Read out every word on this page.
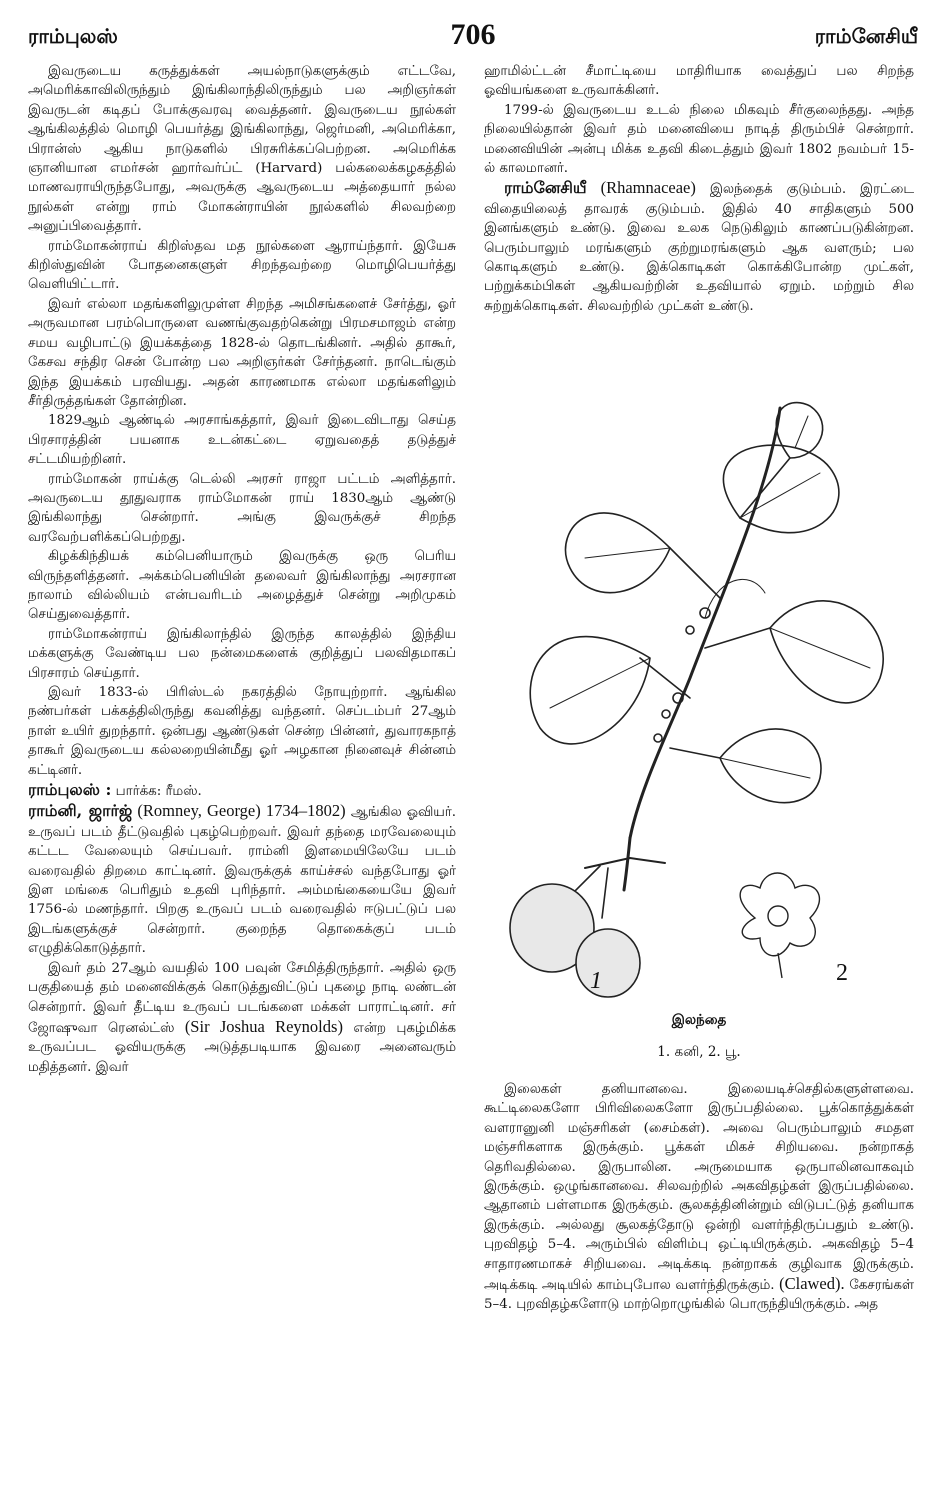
ராம்புலஸ்	706	ராம்னேசியீ

இவருடைய கருத்துக்கள் அயல்நாடுகளுக்கும் எட்டவே, அமெரிக்காவிலிருந்தும் இங்கிலாந்திலிருந்தும் பல அறிஞர்கள் இவருடன் கடிதப் போக்குவரவு வைத்தனர். இவருடைய நூல்கள் ஆங்கிலத்தில் மொழி பெயர்த்து இங்கிலாந்து, ஜெர்மனி, அமெரிக்கா, பிரான்ஸ் ஆகிய நாடுகளில் பிரசுரிக்கப்பெற்றன. அமெரிக்க ஞானியான எமர்சன் ஹார்வர்ப்ட் (Harvard) பல்கலைக்கழகத்தில் மாணவராயிருந்தபோது, அவருக்கு ஆவருடைய அத்தையார் நல்ல நூல்கள் என்று ராம் மோகன்ராயின் நூல்களில் சிலவற்றை அனுப்பிவைத்தார்.

ராம்மோகன்ராய் கிறிஸ்தவ மத நூல்களை ஆராய்ந்தார். இயேசு கிறிஸ்துவின் போதனைகளுள் சிறந்தவற்றை மொழிபெயர்த்து வெளியிட்டார்.

இவர் எல்லா மதங்களிலுமுள்ள சிறந்த அமிசங்களைச் சேர்த்து, ஓர் அருவமான பரம்பொருளை வணங்குவதற்கென்று பிரமசமாஜம் என்ற சமய வழிபாட்டு இயக்கத்தை 1828-ல் தொடங்கினர். அதில் தாகூர், கேசவ சந்திர சென் போன்ற பல அறிஞர்கள் சேர்ந்தனர். நாடெங்கும் இந்த இயக்கம் பரவியது. அதன் காரணமாக எல்லா மதங்களிலும் சீர்திருத்தங்கள் தோன்றின.

1829ஆம் ஆண்டில் அரசாங்கத்தார், இவர் இடைவிடாது செய்த பிரசாரத்தின் பயனாக உடன்கட்டை ஏறுவதைத் தடுத்துச் சட்டமியற்றினர்.

ராம்மோகன் ராய்க்கு டெல்லி அரசர் ராஜா பட்டம் அளித்தார். அவருடைய தூதுவராக ராம்மோகன் ராய் 1830ஆம் ஆண்டு இங்கிலாந்து சென்றார். அங்கு இவருக்குச் சிறந்த வரவேற்பளிக்கப்பெற்றது.

கிழக்கிந்தியக் கம்பெனியாரும் இவருக்கு ஒரு பெரிய விருந்தளித்தனர். அக்கம்பெனியின் தலைவர் இங்கிலாந்து அரசரான நாலாம் வில்லியம் என்பவரிடம் அழைத்துச் சென்று அறிமுகம் செய்துவைத்தார்.

ராம்மோகன்ராய் இங்கிலாந்தில் இருந்த காலத்தில் இந்திய மக்களுக்கு வேண்டிய பல நன்மைகளைக் குறித்துப் பலவிதமாகப் பிரசாரம் செய்தார்.

இவர் 1833-ல் பிரிஸ்டல் நகரத்தில் நோயுற்றார். ஆங்கில நண்பர்கள் பக்கத்திலிருந்து கவனித்து வந்தனர். செப்டம்பர் 27ஆம் நாள் உயிர் துறந்தார். ஒன்பது ஆண்டுகள் சென்ற பின்னர், துவாரகநாத் தாகூர் இவருடைய கல்லறையின்மீது ஓர் அழகான நினைவுச் சின்னம் கட்டினர்.

ராம்புலஸ் : பார்க்க: ரீமஸ்.

ராம்னி, ஜார்ஜ் (Romney, George) 1734–1802) ஆங்கில ஓவியர். உருவப் படம் தீட்டுவதில் புகழ்பெற்றவர். இவர் தந்தை மரவேலையும் கட்டட வேலையும் செய்பவர். ராம்னி இளமையிலேயே படம் வரைவதில் திறமை காட்டினர். இவருக்குக் காய்ச்சல் வந்தபோது ஓர் இள மங்கை பெரிதும் உதவி புரிந்தார். அம்மங்கையையே இவர் 1756-ல் மணந்தார். பிறகு உருவப் படம் வரைவதில் ஈடுபட்டுப் பல இடங்களுக்குச் சென்றார். குறைந்த தொகைக்குப் படம் எழுதிக்கொடுத்தார்.

இவர் தம் 27ஆம் வயதில் 100 பவுன் சேமித்திருந்தார். அதில் ஒரு பகுதியைத் தம் மனைவிக்குக் கொடுத்துவிட்டுப் புகழை நாடி லண்டன் சென்றார். இவர் தீட்டிய உருவப் படங்களை மக்கள் பாராட்டினர். சர் ஜோஷுவா ரெனல்ட்ஸ் (Sir Joshua Reynolds) என்ற புகழ்மிக்க உருவப்பட ஓவியருக்கு அடுத்தபடியாக இவரை அனைவரும் மதித்தனர். இவர்

ஹாமில்ட்டன் சீமாட்டியை மாதிரியாக வைத்துப் பல சிறந்த ஓவியங்களை உருவாக்கினர்.

1799-ல் இவருடைய உடல் நிலை மிகவும் சீர்குலைந்தது. அந்த நிலையில்தான் இவர் தம் மனைவியை நாடித் திரும்பிச் சென்றார். மனைவியின் அன்பு மிக்க உதவி கிடைத்தும் இவர் 1802 நவம்பர் 15-ல் காலமானர்.

ராம்னேசியீ (Rhamnaceae) இலந்தைக் குடும்பம். இரட்டை விதையிலைத் தாவரக் குடும்பம். இதில் 40 சாதிகளும் 500 இனங்களும் உண்டு. இவை உலக நெடுகிலும் காணப்படுகின்றன. பெரும்பாலும் மரங்களும் குற்றுமரங்களும் ஆக வளரும்; பல கொடிகளும் உண்டு. இக்கொடிகள் கொக்கிபோன்ற முட்கள், பற்றுக்கம்பிகள் ஆகியவற்றின் உதவியால் ஏறும். மற்றும் சில சுற்றுக்கொடிகள். சிலவற்றில் முட்கள் உண்டு.

1	2
இலந்தை
1. கனி, 2. பூ.

இலைகள் தனியானவை. இலையடிச்செதில்களுள்ளவை. கூட்டிலைகளோ பிரிவிலைகளோ இருப்பதில்லை. பூக்கொத்துக்கள் வளரானுனி மஞ்சரிகள் (சைம்கள்). அவை பெரும்பாலும் சமதள மஞ்சரிகளாக இருக்கும். பூக்கள் மிகச் சிறியவை. நன்றாகத் தெரிவதில்லை. இருபாலின. அருமையாக ஒருபாலினவாகவும் இருக்கும். ஒழுங்கானவை. சிலவற்றில் அகவிதழ்கள் இருப்பதில்லை. ஆதானம் பள்ளமாக இருக்கும். சூலகத்தினின்றும் விடுபட்டுத் தனியாக இருக்கும். அல்லது சூலகத்தோடு ஒன்றி வளர்ந்திருப்பதும் உண்டு. புறவிதழ் 5–4. அரும்பில் விளிம்பு ஒட்டியிருக்கும். அகவிதழ் 5–4 சாதாரணமாகச் சிறியவை. அடிக்கடி நன்றாகக் குழிவாக இருக்கும். அடிக்கடி அடியில் காம்புபோல வளர்ந்திருக்கும். (Clawed). கேசரங்கள் 5–4. புறவிதழ்களோடு மாற்றொழுங்கில் பொருந்தியிருக்கும். அத
